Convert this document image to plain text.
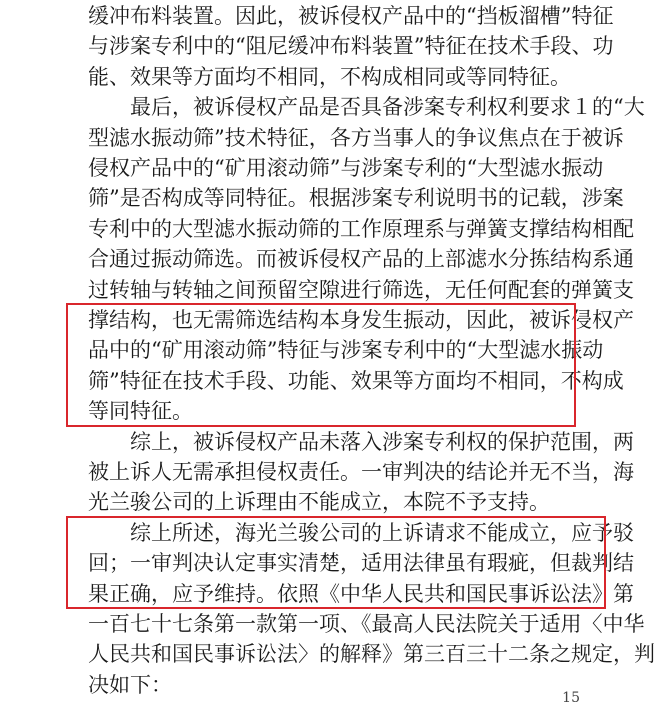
缓冲布料装置。因此，被诉侵权产品中的“挡板溜槽”特征
与涉案专利中的“阻尼缓冲布料装置”特征在技术手段、功
能、效果等方面均不相同，不构成相同或等同特征。
最后，被诉侵权产品是否具备涉案专利权利要求１的“大
型滤水振动筛”技术特征，各方当事人的争议焦点在于被诉
侵权产品中的“矿用滚动筛”与涉案专利的“大型滤水振动
筛”是否构成等同特征。根据涉案专利说明书的记载，涉案
专利中的大型滤水振动筛的工作原理系与弹簧支撑结构相配
合通过振动筛选。而被诉侵权产品的上部滤水分拣结构系通
过转轴与转轴之间预留空隙进行筛选，无任何配套的弹簧支
撑结构，也无需筛选结构本身发生振动，因此，被诉侵权产
品中的“矿用滚动筛”特征与涉案专利中的“大型滤水振动
筛”特征在技术手段、功能、效果等方面均不相同，不构成
等同特征。
综上，被诉侵权产品未落入涉案专利权的保护范围，两
被上诉人无需承担侵权责任。一审判决的结论并无不当，海
光兰骏公司的上诉理由不能成立，本院不予支持。
综上所述，海光兰骏公司的上诉请求不能成立，应予驳
回；一审判决认定事实清楚，适用法律虽有瑕疵，但裁判结
果正确，应予维持。依照《中华人民共和国民事诉讼法》第
一百七十七条第一款第一项、《最高人民法院关于适用〈中华
人民共和国民事诉讼法〉的解释》第三百三十二条之规定，判
决如下：
15
